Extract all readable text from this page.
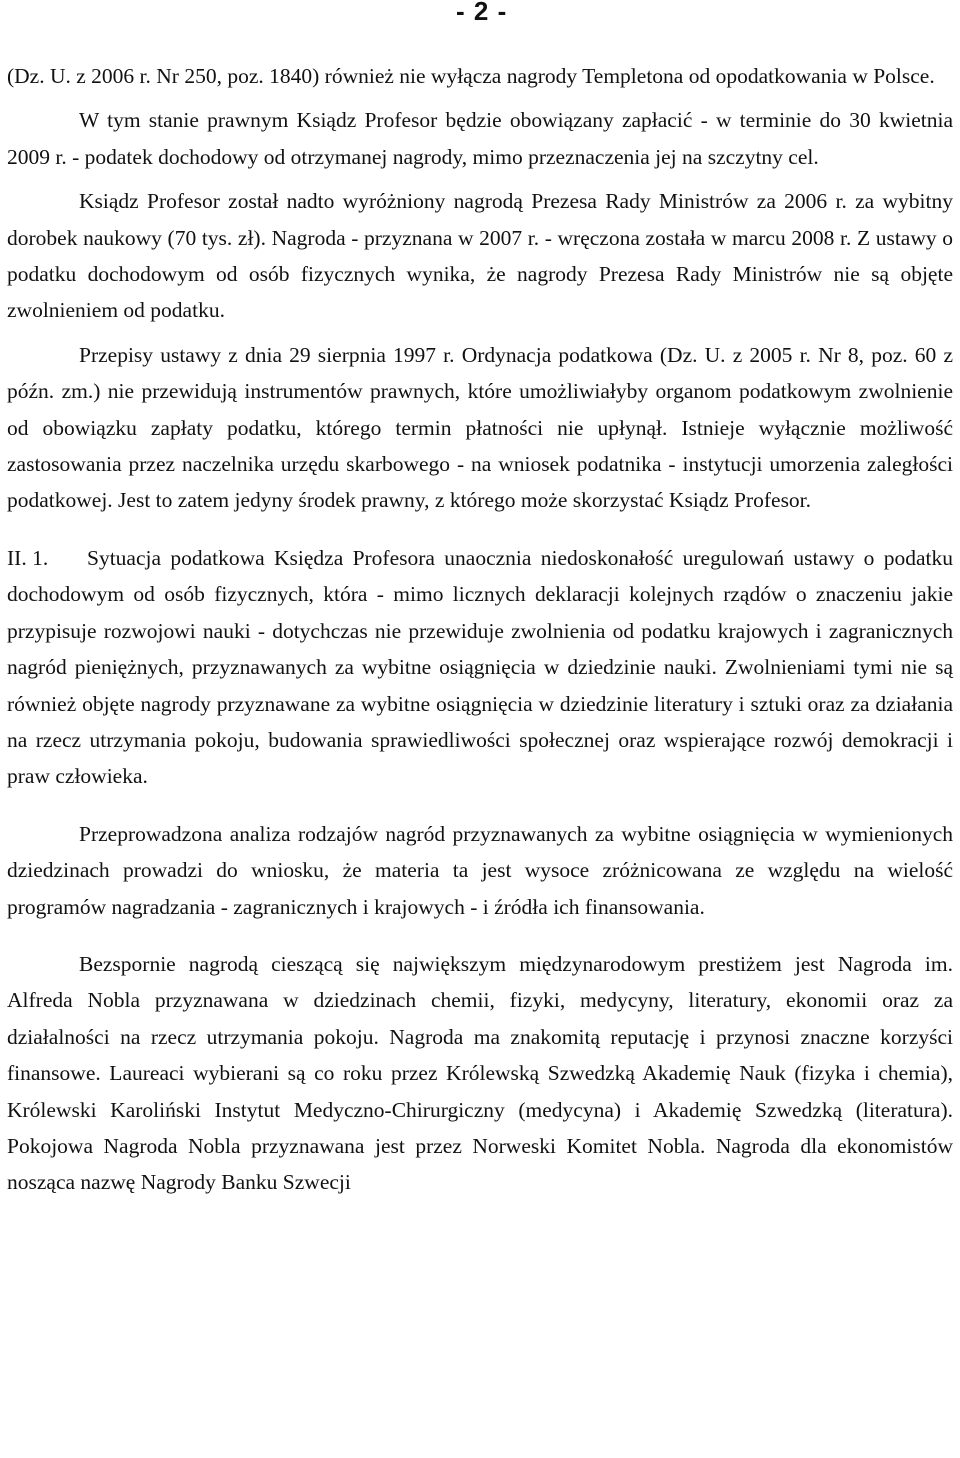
- 2 -

(Dz. U. z 2006 r. Nr 250, poz. 1840) również nie wyłącza nagrody Templetona od opodatkowania w Polsce.

W tym stanie prawnym Ksiądz Profesor będzie obowiązany zapłacić - w terminie do 30 kwietnia 2009 r. - podatek dochodowy od otrzymanej nagrody, mimo przeznaczenia jej na szczytny cel.

Ksiądz Profesor został nadto wyróżniony nagrodą Prezesa Rady Ministrów za 2006 r. za wybitny dorobek naukowy (70 tys. zł). Nagroda - przyznana w 2007 r. - wręczona została w marcu 2008 r. Z ustawy o podatku dochodowym od osób fizycznych wynika, że nagrody Prezesa Rady Ministrów nie są objęte zwolnieniem od podatku.

Przepisy ustawy z dnia 29 sierpnia 1997 r. Ordynacja podatkowa (Dz. U. z 2005 r. Nr 8, poz. 60 z późn. zm.) nie przewidują instrumentów prawnych, które umożliwiałyby organom podatkowym zwolnienie od obowiązku zapłaty podatku, którego termin płatności nie upłynął. Istnieje wyłącznie możliwość zastosowania przez naczelnika urzędu skarbowego - na wniosek podatnika - instytucji umorzenia zaległości podatkowej. Jest to zatem jedyny środek prawny, z którego może skorzystać Ksiądz Profesor.

II. 1. Sytuacja podatkowa Księdza Profesora unaocznia niedoskonałość uregulowań ustawy o podatku dochodowym od osób fizycznych, która - mimo licznych deklaracji kolejnych rządów o znaczeniu jakie przypisuje rozwojowi nauki - dotychczas nie przewiduje zwolnienia od podatku krajowych i zagranicznych nagród pieniężnych, przyznawanych za wybitne osiągnięcia w dziedzinie nauki. Zwolnieniami tymi nie są również objęte nagrody przyznawane za wybitne osiągnięcia w dziedzinie literatury i sztuki oraz za działania na rzecz utrzymania pokoju, budowania sprawiedliwości społecznej oraz wspierające rozwój demokracji i praw człowieka.

Przeprowadzona analiza rodzajów nagród przyznawanych za wybitne osiągnięcia w wymienionych dziedzinach prowadzi do wniosku, że materia ta jest wysoce zróżnicowana ze względu na wielość programów nagradzania - zagranicznych i krajowych - i źródła ich finansowania.

Bezspornie nagrodą cieszącą się największym międzynarodowym prestiżem jest Nagroda im. Alfreda Nobla przyznawana w dziedzinach chemii, fizyki, medycyny, literatury, ekonomii oraz za działalności na rzecz utrzymania pokoju. Nagroda ma znakomitą reputację i przynosi znaczne korzyści finansowe. Laureaci wybierani są co roku przez Królewską Szwedzką Akademię Nauk (fizyka i chemia), Królewski Karoliński Instytut Medyczno-Chirurgiczny (medycyna) i Akademię Szwedzką (literatura). Pokojowa Nagroda Nobla przyznawana jest przez Norweski Komitet Nobla. Nagroda dla ekonomistów nosząca nazwę Nagrody Banku Szwecji
